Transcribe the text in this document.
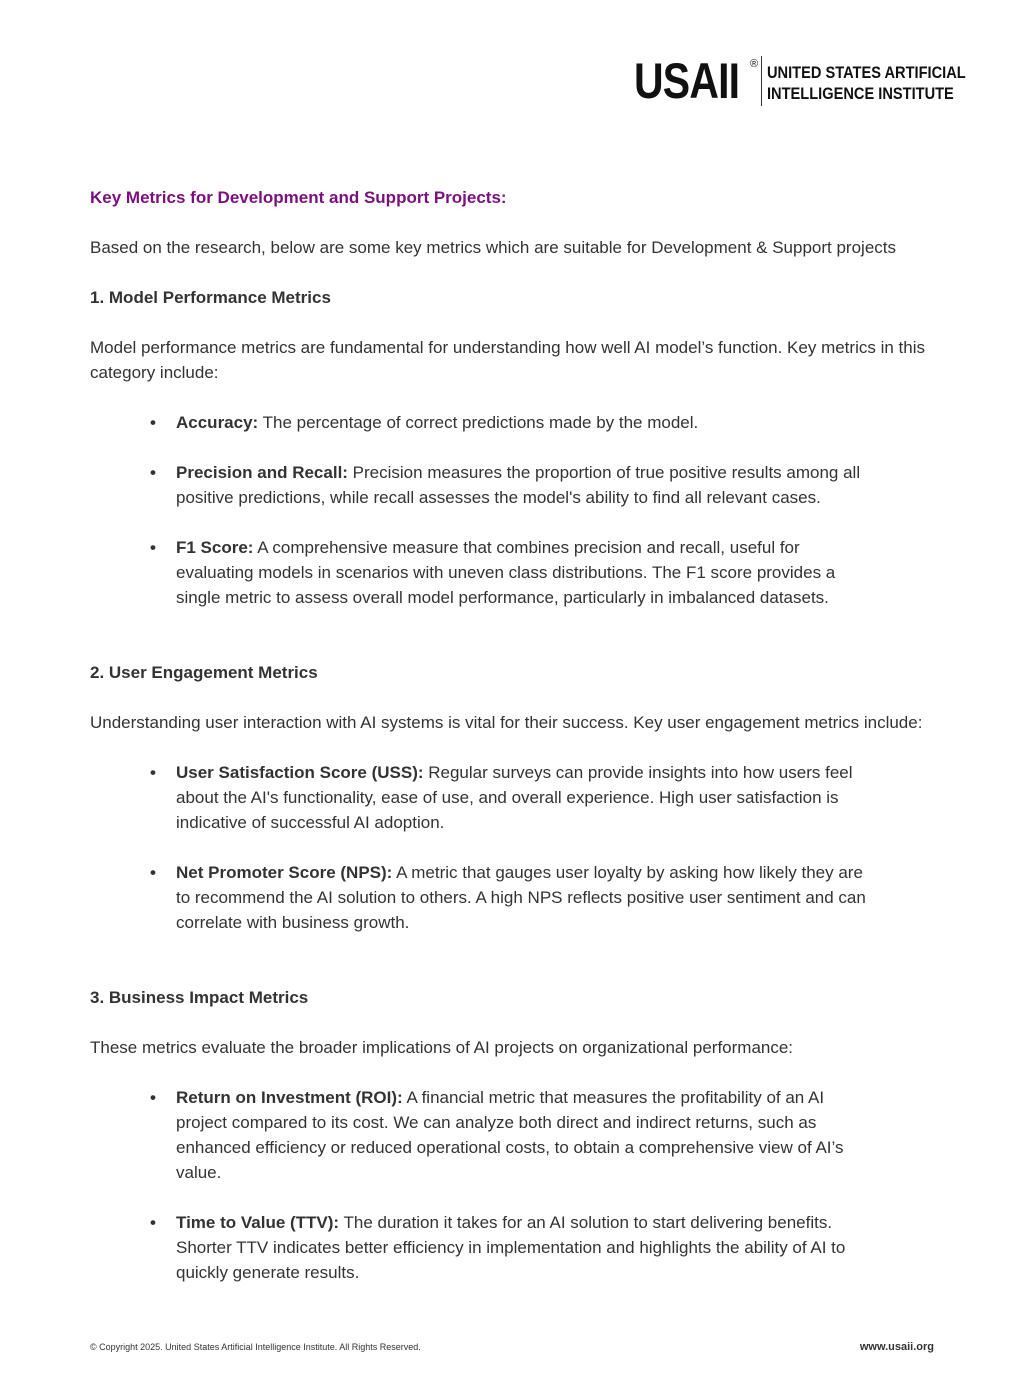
USAII ® UNITED STATES ARTIFICIAL
INTELLIGENCE INSTITUTE
Key Metrics for Development and Support Projects:

Based on the research, below are some key metrics which are suitable for Development & Support projects

1. Model Performance Metrics

Model performance metrics are fundamental for understanding how well AI model’s function. Key metrics in this category include:

• Accuracy: The percentage of correct predictions made by the model.
• Precision and Recall: Precision measures the proportion of true positive results among all positive predictions, while recall assesses the model's ability to find all relevant cases.
• F1 Score: A comprehensive measure that combines precision and recall, useful for evaluating models in scenarios with uneven class distributions. The F1 score provides a single metric to assess overall model performance, particularly in imbalanced datasets.
2. User Engagement Metrics

Understanding user interaction with AI systems is vital for their success. Key user engagement metrics include:

• User Satisfaction Score (USS): Regular surveys can provide insights into how users feel about the AI's functionality, ease of use, and overall experience. High user satisfaction is indicative of successful AI adoption.
• Net Promoter Score (NPS): A metric that gauges user loyalty by asking how likely they are to recommend the AI solution to others. A high NPS reflects positive user sentiment and can correlate with business growth.
3. Business Impact Metrics

These metrics evaluate the broader implications of AI projects on organizational performance:

• Return on Investment (ROI): A financial metric that measures the profitability of an AI project compared to its cost. We can analyze both direct and indirect returns, such as enhanced efficiency or reduced operational costs, to obtain a comprehensive view of AI’s value.
• Time to Value (TTV): The duration it takes for an AI solution to start delivering benefits. Shorter TTV indicates better efficiency in implementation and highlights the ability of AI to quickly generate results.
© Copyright 2025. United States Artificial Intelligence Institute. All Rights Reserved.	www.usaii.org
